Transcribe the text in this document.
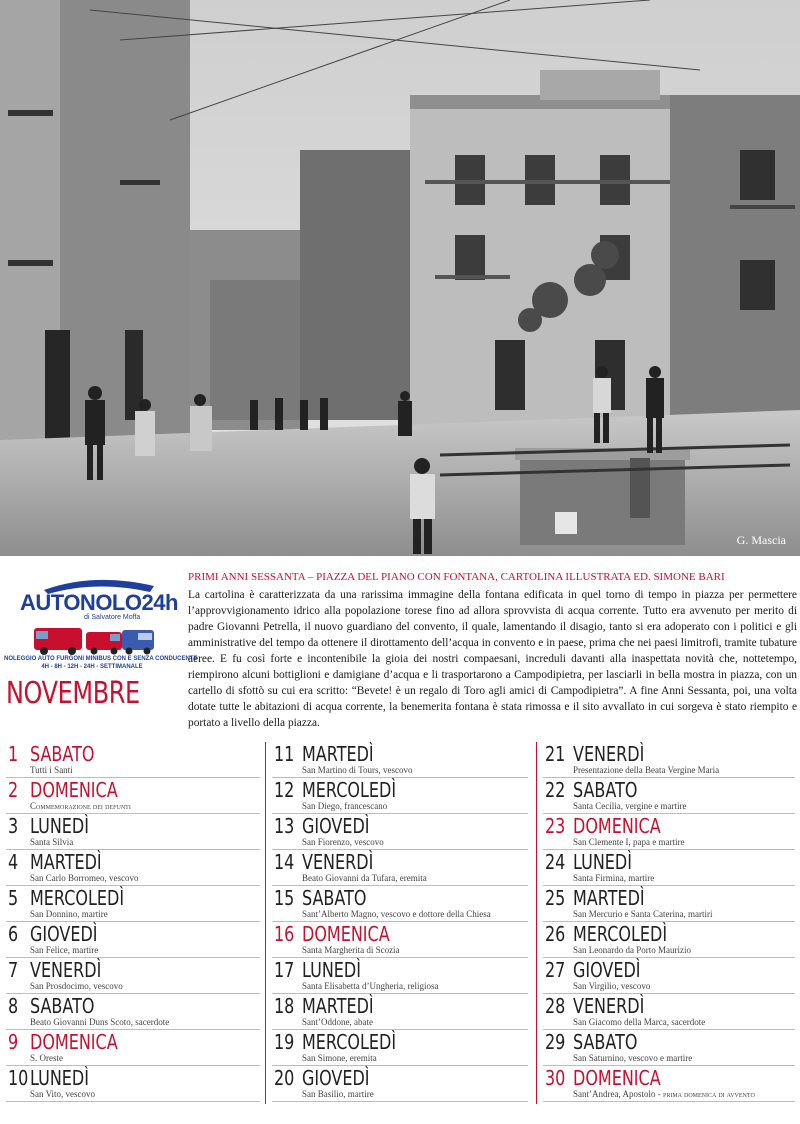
G. Mascia
AUTONOLO24h
di Salvatore Moffa
NOLEGGIO AUTO FURGONI MINIBUS CON E SENZA CONDUCENTE
4H - 8H - 12H - 24H - SETTIMANALE
NOVEMBRE
PRIMI ANNI SESSANTA – PIAZZA DEL PIANO CON FONTANA, CARTOLINA ILLUSTRATA ED. SIMONE BARI
La cartolina è caratterizzata da una rarissima immagine della fontana edificata in quel torno di tempo in piazza per permettere l’approvvigionamento idrico alla popolazione torese fino ad allora sprovvista di acqua corrente. Tutto era avvenuto per merito di padre Giovanni Petrella, il nuovo guardiano del convento, il quale, lamentando il disagio, tanto si era adoperato con i politici e gli amministrative del tempo da ottenere il dirottamento dell’acqua in convento e in paese, prima che nei paesi limitrofi, tramite tubature aeree. E fu così forte e incontenibile la gioia dei nostri compaesani, increduli davanti alla inaspettata novità che, nottetempo, riempirono alcuni bottiglioni e damigiane d’acqua e li trasportarono a Campodipietra, per lasciarli in bella mostra in piazza, con un cartello di sfottò su cui era scritto: “Bevete! è un regalo di Toro agli amici di Campodipietra”. A fine Anni Sessanta, poi, una volta dotate tutte le abitazioni di acqua corrente, la benemerita fontana è stata rimossa e il sito avvallato in cui sorgeva è stato riempito e portato a livello della piazza.
1 SABATO
Tutti i Santi
2 DOMENICA
Commemorazione dei defunti
3 LUNEDÌ
Santa Silvia
4 MARTEDÌ
San Carlo Borromeo, vescovo
5 MERCOLEDÌ
San Donnino, martire
6 GIOVEDÌ
San Felice, martire
7 VENERDÌ
San Prosdocimo, vescovo
8 SABATO
Beato Giovanni Duns Scoto, sacerdote
9 DOMENICA
S. Oreste
10 LUNEDÌ
San Vito, vescovo
11 MARTEDÌ
San Martino di Tours, vescovo
12 MERCOLEDÌ
San Diego, francescano
13 GIOVEDÌ
San Fiorenzo, vescovo
14 VENERDÌ
Beato Giovanni da Tufara, eremita
15 SABATO
Sant’Alberto Magno, vescovo e dottore della Chiesa
16 DOMENICA
Santa Margherita di Scozia
17 LUNEDÌ
Santa Elisabetta d’Ungheria, religiosa
18 MARTEDÌ
Sant’Oddone, abate
19 MERCOLEDÌ
San Simone, eremita
20 GIOVEDÌ
San Basilio, martire
21 VENERDÌ
Presentazione della Beata Vergine Maria
22 SABATO
Santa Cecilia, vergine e martire
23 DOMENICA
San Clemente I, papa e martire
24 LUNEDÌ
Santa Firmina, martire
25 MARTEDÌ
San Mercurio e Santa Caterina, martiri
26 MERCOLEDÌ
San Leonardo da Porto Maurizio
27 GIOVEDÌ
San Virgilio, vescovo
28 VENERDÌ
San Giacomo della Marca, sacerdote
29 SABATO
San Saturnino, vescovo e martire
30 DOMENICA
Sant’Andrea, Apostolo - prima domenica di avvento
